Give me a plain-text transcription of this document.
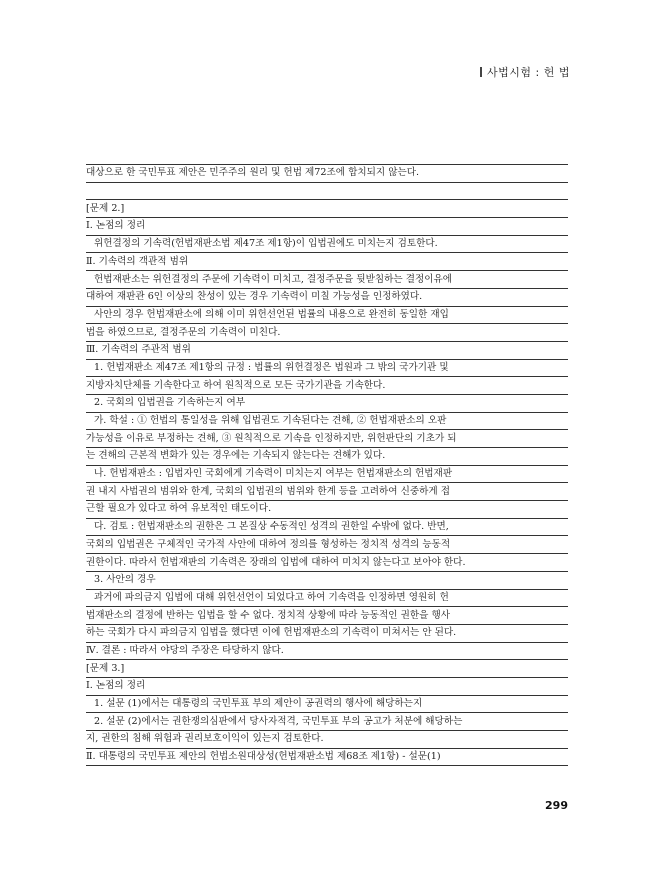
사법시험 : 헌 법
대상으로 한 국민투표 제안은 민주주의 원리 및 헌법 제72조에 합치되지 않는다.
[문제 2.]
Ⅰ. 논점의 정리
위헌결정의 기속력(헌법재판소법 제47조 제1항)이 입법권에도 미치는지 검토한다.
Ⅱ. 기속력의 객관적 범위
헌법재판소는 위헌결정의 주문에 기속력이 미치고, 결정주문을 뒷받침하는 결정이유에
대하여 재판관 6인 이상의 찬성이 있는 경우 기속력이 미칠 가능성을 인정하였다.
사안의 경우 헌법재판소에 의해 이미 위헌선언된 법률의 내용으로 완전히 동일한 재입
법을 하였으므로, 결정주문의 기속력이 미친다.
Ⅲ. 기속력의 주관적 범위
1. 헌법재판소 제47조 제1항의 규정 : 법률의 위헌결정은 법원과 그 밖의 국가기관 및
지방자치단체를 기속한다고 하여 원칙적으로 모든 국가기관을 기속한다.
2. 국회의 입법권을 기속하는지 여부
가. 학설 : ① 헌법의 통일성을 위해 입법권도 기속된다는 견해, ② 헌법재판소의 오판
가능성을 이유로 부정하는 견해, ③ 원칙적으로 기속을 인정하지만, 위헌판단의 기초가 되
는 견해의 근본적 변화가 있는 경우에는 기속되지 않는다는 견해가 있다.
나. 헌법재판소 : 입법자인 국회에게 기속력이 미치는지 여부는 헌법재판소의 헌법재판
권 내지 사법권의 범위와 한계, 국회의 입법권의 범위와 한계 등을 고려하여 신중하게 접
근할 필요가 있다고 하여 유보적인 태도이다.
다. 검토 : 헌법재판소의 권한은 그 본질상 수동적인 성격의 권한일 수밖에 없다. 반면,
국회의 입법권은 구체적인 국가적 사안에 대하여 정의를 형성하는 정치적 성격의 능동적
권한이다. 따라서 헌법재판의 기속력은 장래의 입법에 대하여 미치지 않는다고 보아야 한다.
3. 사안의 경우
과거에 파의금지 입법에 대해 위헌선언이 되었다고 하여 기속력을 인정하면 영원히 헌
법재판소의 결정에 반하는 입법을 할 수 없다. 정치적 상황에 따라 능동적인 권한을 행사
하는 국회가 다시 파의금지 입법을 했다면 이에 헌법재판소의 기속력이 미쳐서는 안 된다.
Ⅳ. 결론 : 따라서 야당의 주장은 타당하지 않다.
[문제 3.]
Ⅰ. 논점의 정리
1. 설문 (1)에서는 대통령의 국민투표 부의 제안이 공권력의 행사에 해당하는지
2. 설문 (2)에서는 권한쟁의심판에서 당사자적격, 국민투표 부의 공고가 처분에 해당하는
지, 권한의 침해 위험과 권리보호이익이 있는지 검토한다.
Ⅱ. 대통령의 국민투표 제안의 헌법소원대상성(헌법재판소법 제68조 제1항) - 설문(1)
299
